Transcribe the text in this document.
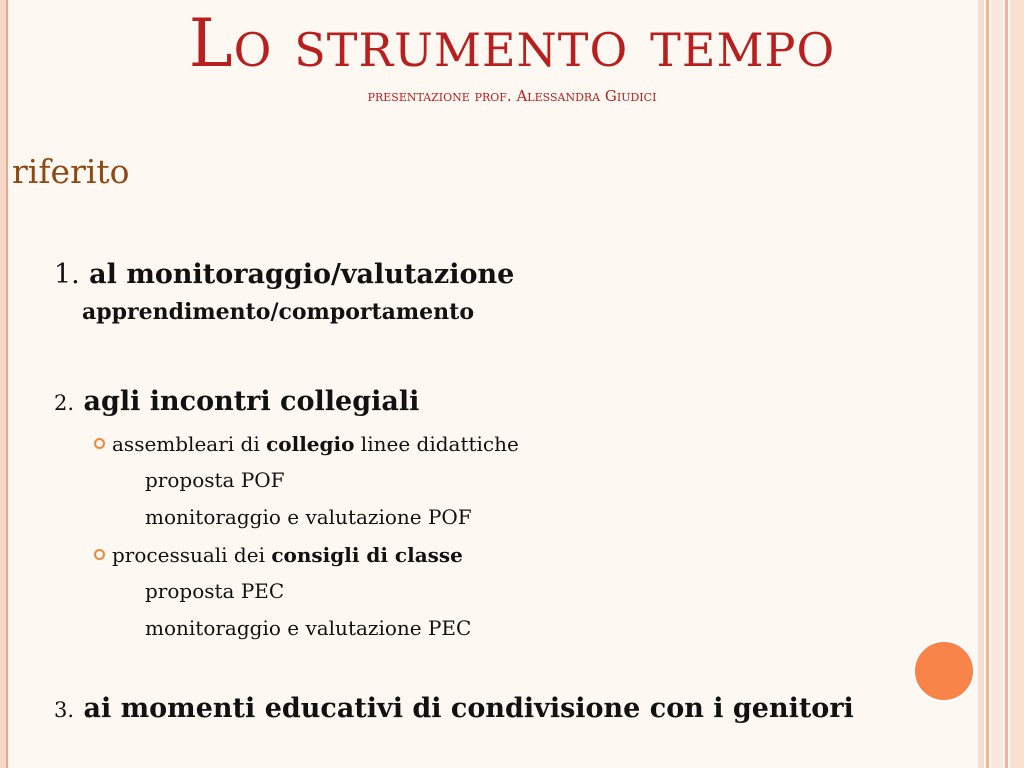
Lo strumento tempo

presentazione prof. Alessandra Giudici

riferito
1. al monitoraggio/valutazione
apprendimento/comportamento
2. agli incontri collegiali
assembleari di collegio linee didattiche
proposta POF
monitoraggio e valutazione POF
processuali dei consigli di classe
proposta PEC
monitoraggio e valutazione PEC
3. ai momenti educativi di condivisione con i genitori
